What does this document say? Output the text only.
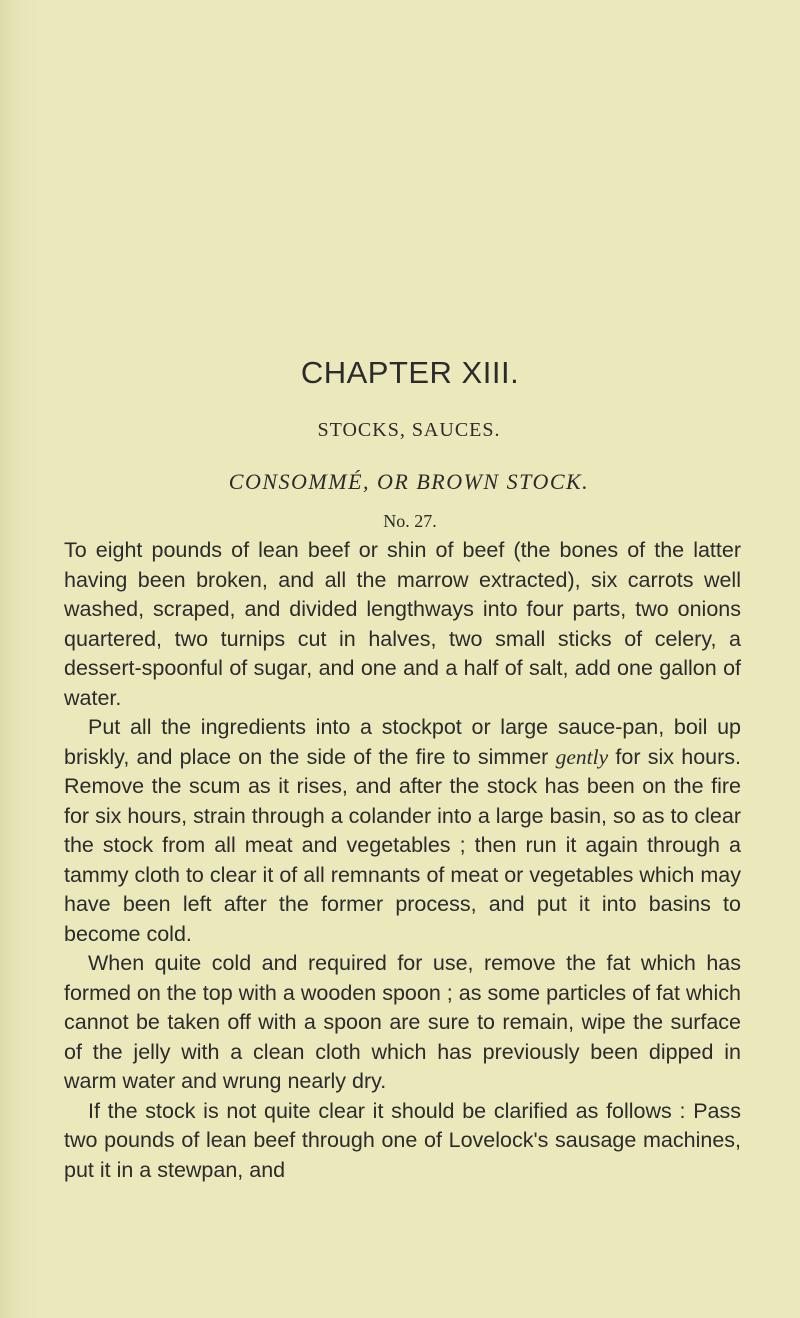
CHAPTER XIII.
STOCKS, SAUCES.
CONSOMMÉ, OR BROWN STOCK.
No. 27.

To eight pounds of lean beef or shin of beef (the bones of the latter having been broken, and all the marrow extracted), six carrots well washed, scraped, and divided lengthways into four parts, two onions quartered, two turnips cut in halves, two small sticks of celery, a dessert-spoonful of sugar, and one and a half of salt, add one gallon of water.

Put all the ingredients into a stockpot or large sauce-pan, boil up briskly, and place on the side of the fire to simmer gently for six hours. Remove the scum as it rises, and after the stock has been on the fire for six hours, strain through a colander into a large basin, so as to clear the stock from all meat and vegetables ; then run it again through a tammy cloth to clear it of all remnants of meat or vegetables which may have been left after the former process, and put it into basins to become cold.

When quite cold and required for use, remove the fat which has formed on the top with a wooden spoon ; as some particles of fat which cannot be taken off with a spoon are sure to remain, wipe the surface of the jelly with a clean cloth which has previously been dipped in warm water and wrung nearly dry.

If the stock is not quite clear it should be clarified as follows : Pass two pounds of lean beef through one of Lovelock's sausage machines, put it in a stewpan, and
